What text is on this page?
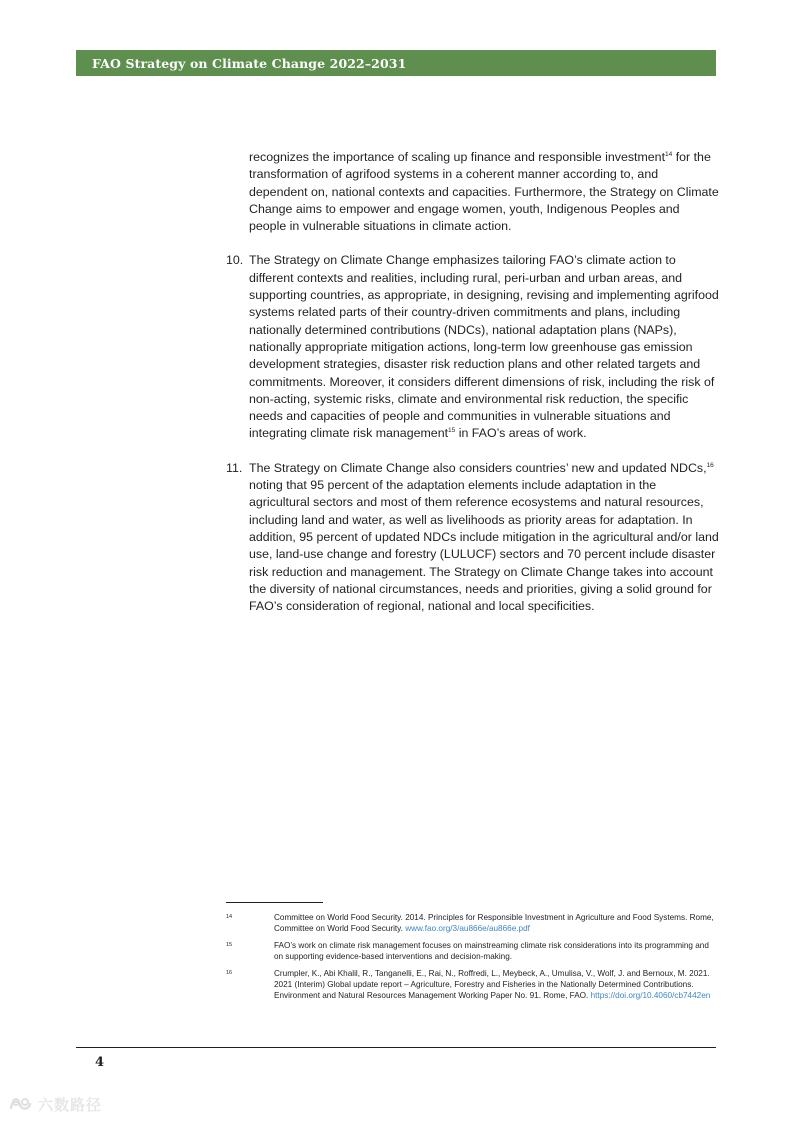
FAO Strategy on Climate Change 2022–2031

recognizes the importance of scaling up finance and responsible investment$^{14}$ for the transformation of agrifood systems in a coherent manner according to, and dependent on, national contexts and capacities. Furthermore, the Strategy on Climate Change aims to empower and engage women, youth, Indigenous Peoples and people in vulnerable situations in climate action.

10. The Strategy on Climate Change emphasizes tailoring FAO’s climate action to different contexts and realities, including rural, peri-urban and urban areas, and supporting countries, as appropriate, in designing, revising and implementing agrifood systems related parts of their country-driven commitments and plans, including nationally determined contributions (NDCs), national adaptation plans (NAPs), nationally appropriate mitigation actions, long-term low greenhouse gas emission development strategies, disaster risk reduction plans and other related targets and commitments. Moreover, it considers different dimensions of risk, including the risk of non-acting, systemic risks, climate and environmental risk reduction, the specific needs and capacities of people and communities in vulnerable situations and integrating climate risk management$^{15}$ in FAO’s areas of work.
11. The Strategy on Climate Change also considers countries’ new and updated NDCs,$^{16}$ noting that 95 percent of the adaptation elements include adaptation in the agricultural sectors and most of them reference ecosystems and natural resources, including land and water, as well as livelihoods as priority areas for adaptation. In addition, 95 percent of updated NDCs include mitigation in the agricultural and/or land use, land-use change and forestry (LULUCF) sectors and 70 percent include disaster risk reduction and management. The Strategy on Climate Change takes into account the diversity of national circumstances, needs and priorities, giving a solid ground for FAO’s consideration of regional, national and local specificities.
14	Committee on World Food Security. 2014. Principles for Responsible Investment in Agriculture and Food Systems. Rome, Committee on World Food Security. www.fao.org/3/au866e/au866e.pdf
15	FAO’s work on climate risk management focuses on mainstreaming climate risk considerations into its programming and on supporting evidence-based interventions and decision-making.
16	Crumpler, K., Abi Khalil, R., Tanganelli, E., Rai, N., Roffredi, L., Meybeck, A., Umulisa, V., Wolf, J. and Bernoux, M. 2021. 2021 (Interim) Global update report – Agriculture, Forestry and Fisheries in the Nationally Determined Contributions. Environment and Natural Resources Management Working Paper No. 91. Rome, FAO. https://doi.org/10.4060/cb7442en
4
六数路径
